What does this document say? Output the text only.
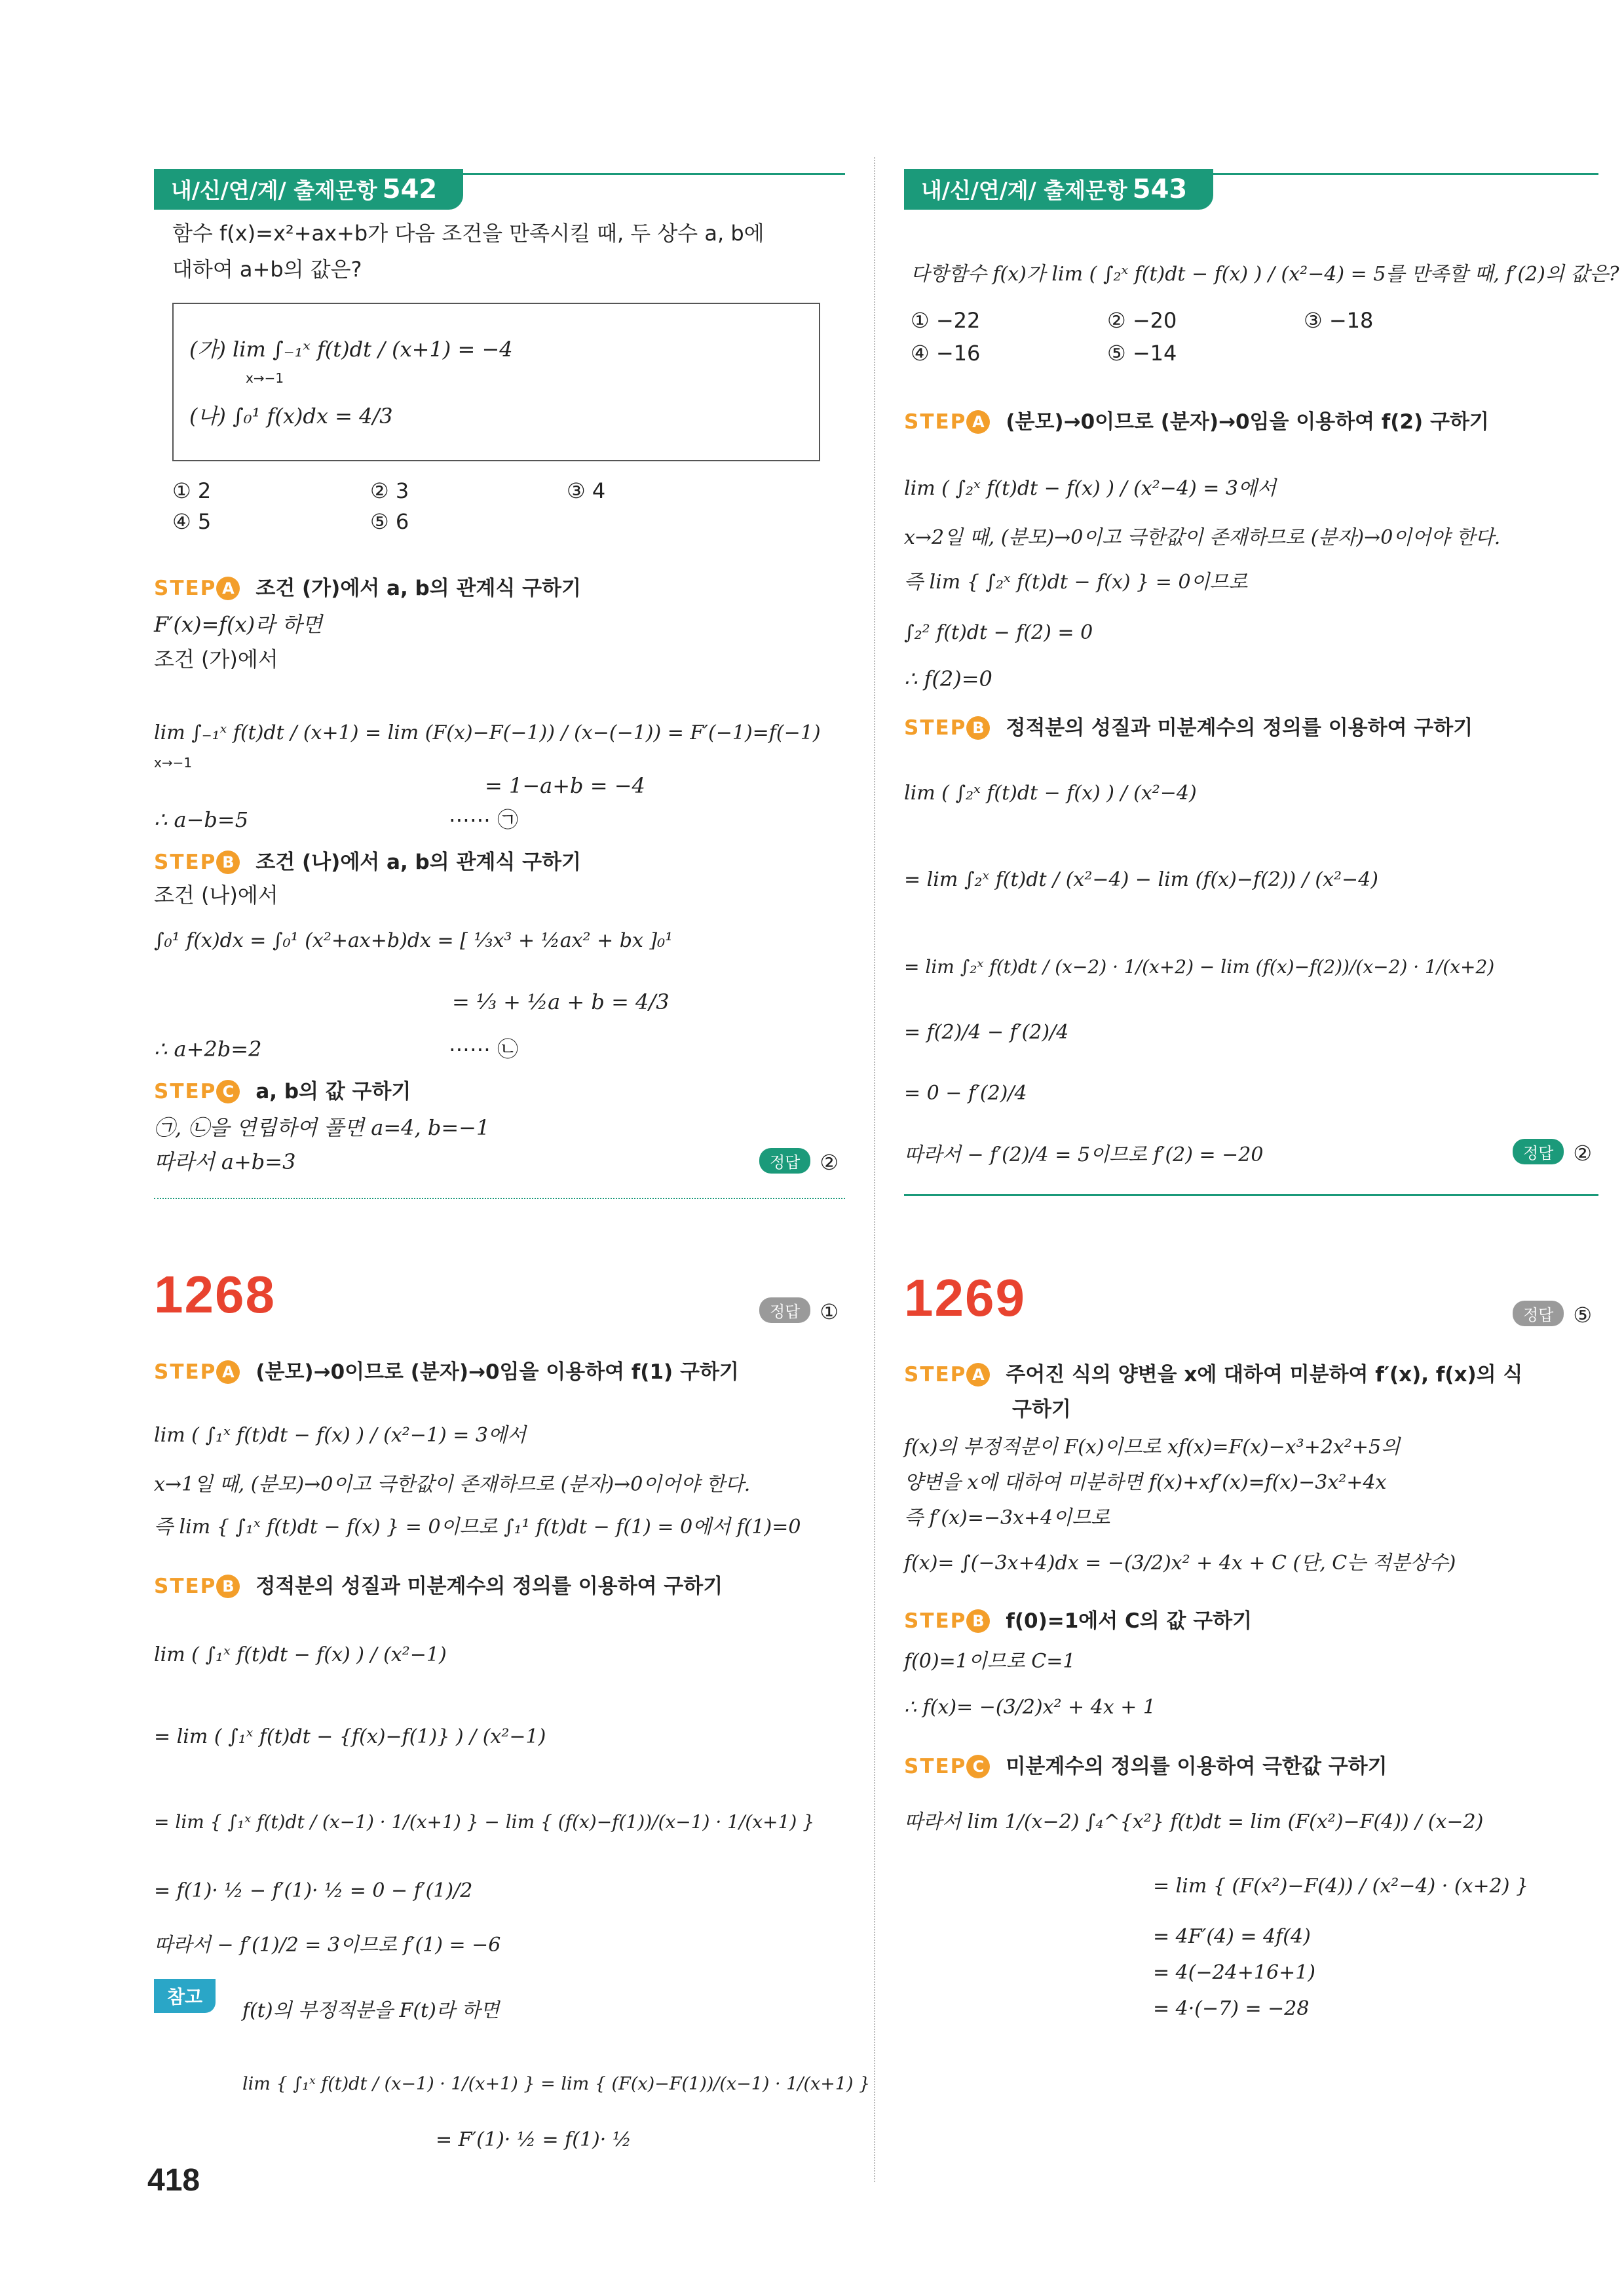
내/신/연/계/ 출제문항 542
함수 f(x)=x²+ax+b가 다음 조건을 만족시킬 때, 두 상수 a, b에
대하여 a+b의 값은?
(가) lim ∫₋₁ˣ f(t)dt / (x+1) = −4
x→−1
(나) ∫₀¹ f(x)dx = 4/3
① 2	② 3	③ 4
④ 5	⑤ 6
STEP A 조건 (가)에서 a, b의 관계식 구하기
F′(x)=f(x)라 하면
조건 (가)에서
lim ∫₋₁ˣ f(t)dt / (x+1) = lim (F(x)−F(−1)) / (x−(−1)) = F′(−1)=f(−1)
x→−1
= 1−a+b = −4
∴ a−b=5	⋯⋯ ㉠
STEP B 조건 (나)에서 a, b의 관계식 구하기
조건 (나)에서
∫₀¹ f(x)dx = ∫₀¹ (x²+ax+b)dx = [ ⅓x³ + ½ax² + bx ]₀¹
= ⅓ + ½a + b = 4/3
∴ a+2b=2	⋯⋯ ㉡
STEP C a, b의 값 구하기
㉠, ㉡을 연립하여 풀면 a=4, b=−1
따라서 a+b=3	정답 ②
1268	정답 ①
STEP A (분모)→0이므로 (분자)→0임을 이용하여 f(1) 구하기
lim ( ∫₁ˣ f(t)dt − f(x) ) / (x²−1) = 3에서
x→1일 때, (분모)→0이고 극한값이 존재하므로 (분자)→0이어야 한다.
즉 lim { ∫₁ˣ f(t)dt − f(x) } = 0이므로 ∫₁¹ f(t)dt − f(1) = 0에서 f(1)=0
STEP B 정적분의 성질과 미분계수의 정의를 이용하여 구하기
lim ( ∫₁ˣ f(t)dt − f(x) ) / (x²−1)
= lim ( ∫₁ˣ f(t)dt − {f(x)−f(1)} ) / (x²−1)
= lim { ∫₁ˣ f(t)dt / (x−1) · 1/(x+1) } − lim { (f(x)−f(1))/(x−1) · 1/(x+1) }
= f(1)· ½ − f′(1)· ½ = 0 − f′(1)/2
따라서 − f′(1)/2 = 3이므로 f′(1) = −6
참고
f(t)의 부정적분을 F(t)라 하면
lim { ∫₁ˣ f(t)dt / (x−1) · 1/(x+1) } = lim { (F(x)−F(1))/(x−1) · 1/(x+1) }
= F′(1)· ½ = f(1)· ½
내/신/연/계/ 출제문항 543
다항함수 f(x)가 lim ( ∫₂ˣ f(t)dt − f(x) ) / (x²−4) = 5를 만족할 때, f′(2)의 값은?
① −22	② −20	③ −18
④ −16	⑤ −14
STEP A (분모)→0이므로 (분자)→0임을 이용하여 f(2) 구하기
lim ( ∫₂ˣ f(t)dt − f(x) ) / (x²−4) = 3에서
x→2일 때, (분모)→0이고 극한값이 존재하므로 (분자)→0이어야 한다.
즉 lim { ∫₂ˣ f(t)dt − f(x) } = 0이므로
∫₂² f(t)dt − f(2) = 0
∴ f(2)=0
STEP B 정적분의 성질과 미분계수의 정의를 이용하여 구하기
lim ( ∫₂ˣ f(t)dt − f(x) ) / (x²−4)
= lim ∫₂ˣ f(t)dt / (x²−4) − lim (f(x)−f(2)) / (x²−4)
= lim ∫₂ˣ f(t)dt / (x−2) · 1/(x+2) − lim (f(x)−f(2))/(x−2) · 1/(x+2)
= f(2)/4 − f′(2)/4
= 0 − f′(2)/4
따라서 − f′(2)/4 = 5이므로 f′(2) = −20	정답 ②
1269	정답 ⑤
STEP A 주어진 식의 양변을 x에 대하여 미분하여 f′(x), f(x)의 식
구하기
f(x)의 부정적분이 F(x)이므로 xf(x)=F(x)−x³+2x²+5의
양변을 x에 대하여 미분하면 f(x)+xf′(x)=f(x)−3x²+4x
즉 f′(x)=−3x+4이므로
f(x)= ∫(−3x+4)dx = −(3/2)x² + 4x + C (단, C는 적분상수)
STEP B f(0)=1에서 C의 값 구하기
f(0)=1이므로 C=1
∴ f(x)= −(3/2)x² + 4x + 1
STEP C 미분계수의 정의를 이용하여 극한값 구하기
따라서 lim 1/(x−2) ∫₄^{x²} f(t)dt = lim (F(x²)−F(4)) / (x−2)
= lim { (F(x²)−F(4)) / (x²−4) · (x+2) }
= 4F′(4) = 4f(4)
= 4(−24+16+1)
= 4·(−7) = −28
418
